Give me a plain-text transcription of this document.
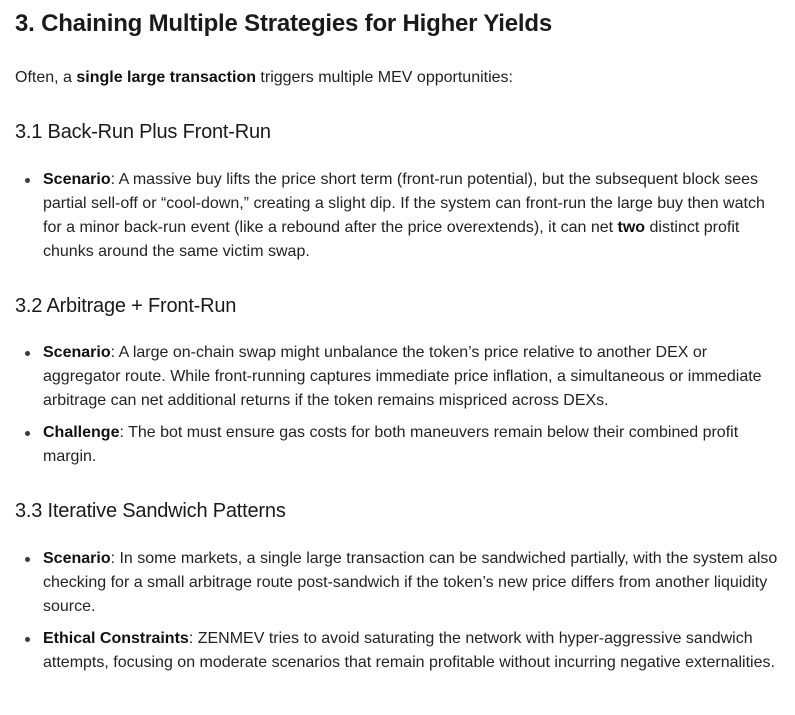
3. Chaining Multiple Strategies for Higher Yields

Often, a single large transaction triggers multiple MEV opportunities:

3.1 Back-Run Plus Front-Run
Scenario: A massive buy lifts the price short term (front-run potential), but the subsequent block sees partial sell-off or “cool-down,” creating a slight dip. If the system can front-run the large buy then watch for a minor back-run event (like a rebound after the price overextends), it can net two distinct profit chunks around the same victim swap.
3.2 Arbitrage + Front-Run
Scenario: A large on-chain swap might unbalance the token’s price relative to another DEX or aggregator route. While front-running captures immediate price inflation, a simultaneous or immediate arbitrage can net additional returns if the token remains mispriced across DEXs.
Challenge: The bot must ensure gas costs for both maneuvers remain below their combined profit margin.
3.3 Iterative Sandwich Patterns
Scenario: In some markets, a single large transaction can be sandwiched partially, with the system also checking for a small arbitrage route post-sandwich if the token’s new price differs from another liquidity source.
Ethical Constraints: ZENMEV tries to avoid saturating the network with hyper-aggressive sandwich attempts, focusing on moderate scenarios that remain profitable without incurring negative externalities.
